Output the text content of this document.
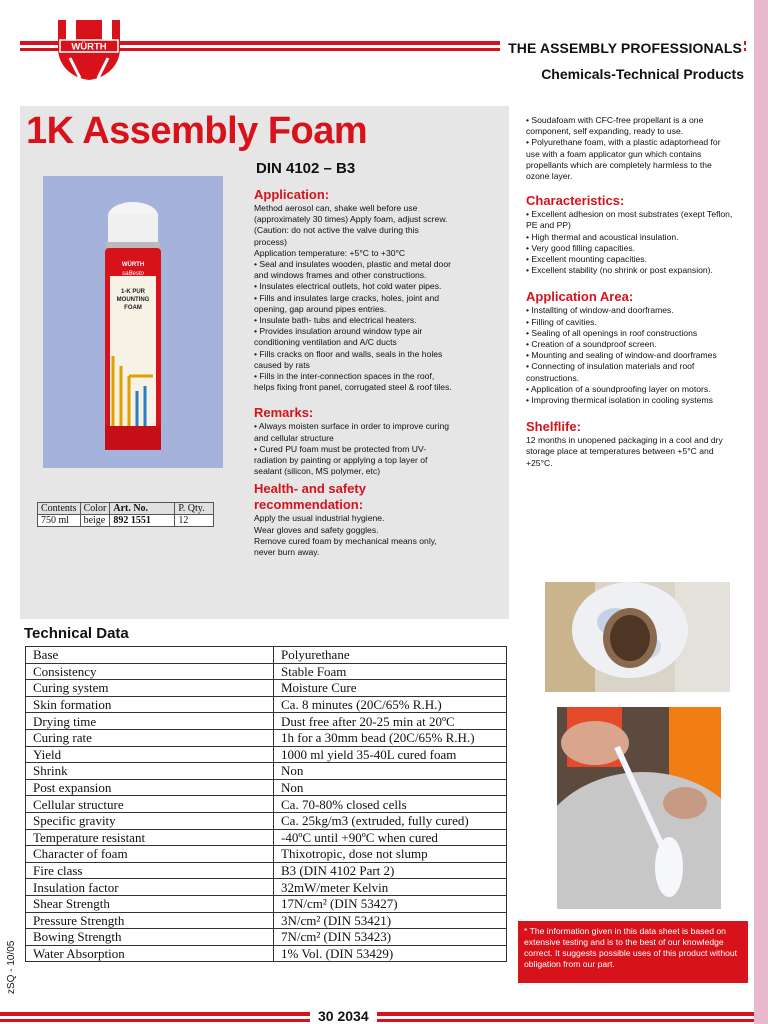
WÜRTH	THE ASSEMBLY PROFESSIONALS
Chemicals-Technical Products
1K Assembly Foam
DIN 4102 – B3
WÜRTH
saBesto
1-K PUR MOUNTING FOAM
Contents	Color	Art. No.	P. Qty.
750 ml	beige	892 1551	12
Application:

Method aerosol can, shake well before use (approximately 30 times) Apply foam, adjust screw. (Caution: do not active the valve during this process)

Application temperature: +5°C to +30°C

• Seal and insulates wooden, plastic and metal door and windows frames and other constructions.

• Insulates electrical outlets, hot cold water pipes.

• Fills and insulates large cracks, holes, joint and opening, gap around pipes entries.

• Insulate bath- tubs and electrical heaters.

• Provides insulation around window type air conditioning ventilation and A/C ducts

• Fills cracks on floor and walls, seals in the holes caused by rats

• Fills in the inter-connection spaces in the roof, helps fixing front panel, corrugated steel & roof tiles.

Remarks:

• Always moisten surface in order to improve curing and cellular structure

• Cured PU foam must be protected from UV-radiation by painting or applying a top layer of sealant (silicon, MS polymer, etc)

Health- and safety recommendation:

Apply the usual industrial hygiene.

Wear gloves and safety goggles.

Remove cured foam by mechanical means only, never burn away.

• Soudafoam with CFC-free propellant is a one component, self expanding, ready to use.

• Polyurethane foam, with a plastic adaptorhead for use with a foam applicator gun which contains propellants which are completely harmless to the ozone layer.

Characteristics:

• Excellent adhesion on most substrates (exept Teflon, PE and PP)

• High thermal and acoustical insulation.

• Very good filling capacities.

• Excellent mounting capacities.

• Excellent stability (no shrink or post expansion).

Application Area:

• Installting of window-and doorframes.

• Filling of cavities.

• Sealing of all openings in roof constructions

• Creation of a soundproof screen.

• Mounting and sealing of window-and doorframes

• Connecting of insulation materials and roof constructions.

• Application of a soundproofing layer on motors.

• Improving thermical isolation in cooling systems

Shelflife:

12 months in unopened packaging in a cool and dry storage place at temperatures between +5°C and +25°C.

Technical Data
Base	Polyurethane
Consistency	Stable Foam
Curing system	Moisture Cure
Skin formation	Ca. 8 minutes (20C/65% R.H.)
Drying time	Dust free after 20-25 min at 20ºC
Curing rate	1h for a 30mm bead (20C/65% R.H.)
Yield	1000 ml yield 35-40L cured foam
Shrink	Non
Post expansion	Non
Cellular structure	Ca. 70-80% closed cells
Specific gravity	Ca. 25kg/m3 (extruded, fully cured)
Temperature resistant	-40ºC until +90ºC when cured
Character of foam	Thixotropic, dose not slump
Fire class	B3 (DIN 4102 Part 2)
Insulation factor	32mW/meter Kelvin
Shear Strength	17N/cm² (DIN 53427)
Pressure Strength	3N/cm² (DIN 53421)
Bowing Strength	7N/cm² (DIN 53423)
Water Absorption	1% Vol. (DIN 53429)
* The information given in this data sheet is based on extensive testing and is to the best of our knowledge correct. It suggests possible uses of this product without obligation from our part.
zSQ - 10/05
30 2034
